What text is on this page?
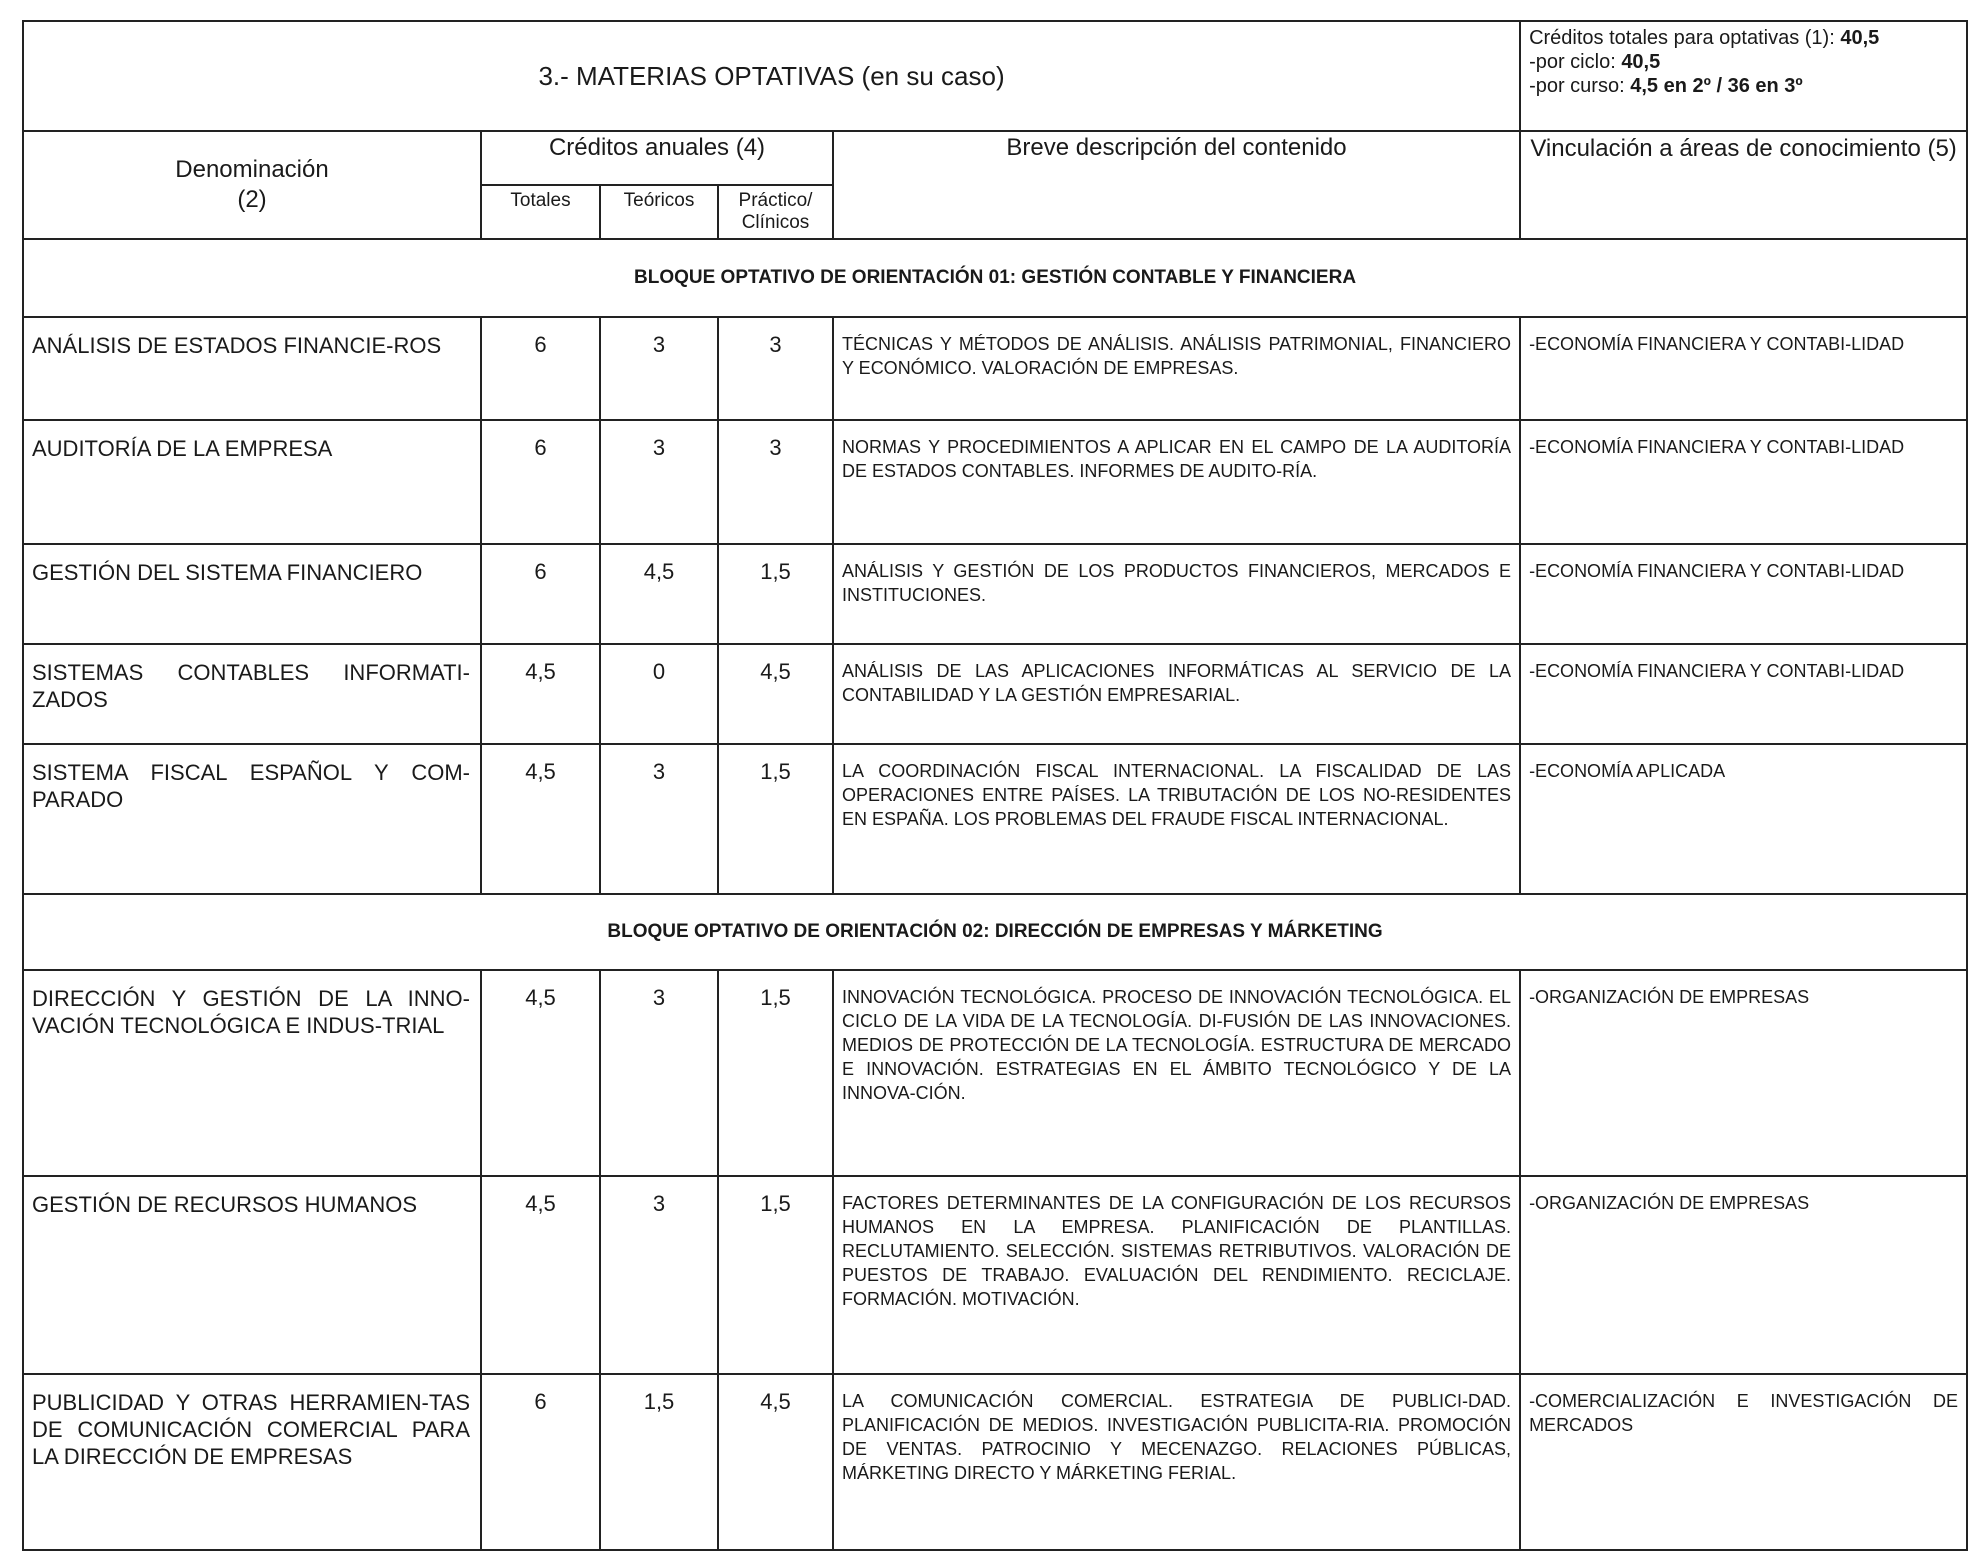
3.- MATERIAS OPTATIVAS (en su caso)					Créditos totales para optativas (1): 40,5
-por ciclo: 40,5
-por curso: 4,5 en 2º / 36 en 3º

Denominación
(2)	Créditos anuales (4)			Breve descripción del contenido	Vinculación a áreas de conocimiento (5)
	Totales	Teóricos	Práctico/ Clínicos		
BLOQUE OPTATIVO DE ORIENTACIÓN 01: GESTIÓN CONTABLE Y FINANCIERA					
ANÁLISIS DE ESTADOS FINANCIE-ROS	6	3	3	TÉCNICAS Y MÉTODOS DE ANÁLISIS. ANÁLISIS PATRIMONIAL, FINANCIERO Y ECONÓMICO. VALORACIÓN DE EMPRESAS.	-ECONOMÍA FINANCIERA Y CONTABI-LIDAD
AUDITORÍA DE LA EMPRESA	6	3	3	NORMAS Y PROCEDIMIENTOS A APLICAR EN EL CAMPO DE LA AUDITORÍA DE ESTADOS CONTABLES. INFORMES DE AUDITO-RÍA.	-ECONOMÍA FINANCIERA Y CONTABI-LIDAD
GESTIÓN DEL SISTEMA FINANCIERO	6	4,5	1,5	ANÁLISIS Y GESTIÓN DE LOS PRODUCTOS FINANCIEROS, MERCADOS E INSTITUCIONES.	-ECONOMÍA FINANCIERA Y CONTABI-LIDAD
SISTEMAS CONTABLES INFORMATI-ZADOS	4,5	0	4,5	ANÁLISIS DE LAS APLICACIONES INFORMÁTICAS AL SERVICIO DE LA CONTABILIDAD Y LA GESTIÓN EMPRESARIAL.	-ECONOMÍA FINANCIERA Y CONTABI-LIDAD
SISTEMA FISCAL ESPAÑOL Y COM-PARADO	4,5	3	1,5	LA COORDINACIÓN FISCAL INTERNACIONAL. LA FISCALIDAD DE LAS OPERACIONES ENTRE PAÍSES. LA TRIBUTACIÓN DE LOS NO-RESIDENTES EN ESPAÑA. LOS PROBLEMAS DEL FRAUDE FISCAL INTERNACIONAL.	-ECONOMÍA APLICADA
BLOQUE OPTATIVO DE ORIENTACIÓN 02: DIRECCIÓN DE EMPRESAS Y MÁRKETING					
DIRECCIÓN Y GESTIÓN DE LA INNO-VACIÓN TECNOLÓGICA E INDUS-TRIAL	4,5	3	1,5	INNOVACIÓN TECNOLÓGICA. PROCESO DE INNOVACIÓN TECNOLÓGICA. EL CICLO DE LA VIDA DE LA TECNOLOGÍA. DI-FUSIÓN DE LAS INNOVACIONES. MEDIOS DE PROTECCIÓN DE LA TECNOLOGÍA. ESTRUCTURA DE MERCADO E INNOVACIÓN. ESTRATEGIAS EN EL ÁMBITO TECNOLÓGICO Y DE LA INNOVA-CIÓN.	-ORGANIZACIÓN DE EMPRESAS
GESTIÓN DE RECURSOS HUMANOS	4,5	3	1,5	FACTORES DETERMINANTES DE LA CONFIGURACIÓN DE LOS RECURSOS HUMANOS EN LA EMPRESA. PLANIFICACIÓN DE PLANTILLAS. RECLUTAMIENTO. SELECCIÓN. SISTEMAS RETRIBUTIVOS. VALORACIÓN DE PUESTOS DE TRABAJO. EVALUACIÓN DEL RENDIMIENTO. RECICLAJE. FORMACIÓN. MOTIVACIÓN.	-ORGANIZACIÓN DE EMPRESAS
PUBLICIDAD Y OTRAS HERRAMIEN-TAS DE COMUNICACIÓN COMERCIAL PARA LA DIRECCIÓN DE EMPRESAS	6	1,5	4,5	LA COMUNICACIÓN COMERCIAL. ESTRATEGIA DE PUBLICI-DAD. PLANIFICACIÓN DE MEDIOS. INVESTIGACIÓN PUBLICITA-RIA. PROMOCIÓN DE VENTAS. PATROCINIO Y MECENAZGO. RELACIONES PÚBLICAS, MÁRKETING DIRECTO Y MÁRKETING FERIAL.	-COMERCIALIZACIÓN E INVESTIGACIÓN DE MERCADOS
